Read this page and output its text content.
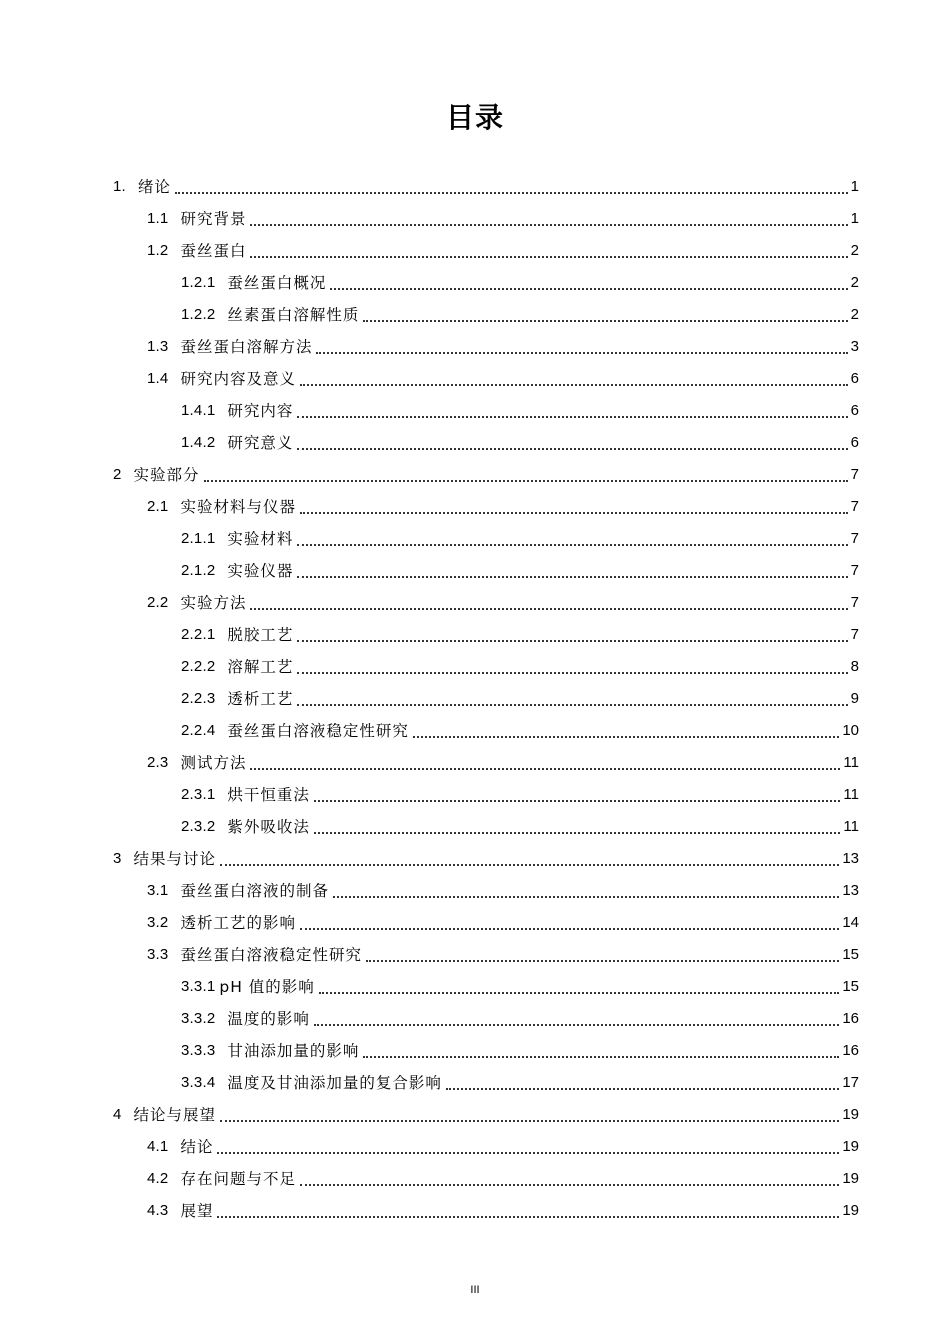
目录
1. 绪论	1
1.1 研究背景	1
1.2 蚕丝蛋白	2
1.2.1 蚕丝蛋白概况	2
1.2.2 丝素蛋白溶解性质	2
1.3 蚕丝蛋白溶解方法	3
1.4 研究内容及意义	6
1.4.1 研究内容	6
1.4.2 研究意义	6
2 实验部分	7
2.1 实验材料与仪器	7
2.1.1 实验材料	7
2.1.2 实验仪器	7
2.2 实验方法	7
2.2.1 脱胶工艺	7
2.2.2 溶解工艺	8
2.2.3 透析工艺	9
2.2.4 蚕丝蛋白溶液稳定性研究	10
2.3 测试方法	11
2.3.1 烘干恒重法	11
2.3.2 紫外吸收法	11
3 结果与讨论	13
3.1 蚕丝蛋白溶液的制备	13
3.2 透析工艺的影响	14
3.3 蚕丝蛋白溶液稳定性研究	15
3.3.1 pH 值的影响	15
3.3.2 温度的影响	16
3.3.3 甘油添加量的影响	16
3.3.4 温度及甘油添加量的复合影响	17
4 结论与展望	19
4.1 结论	19
4.2 存在问题与不足	19
4.3 展望	19
III
